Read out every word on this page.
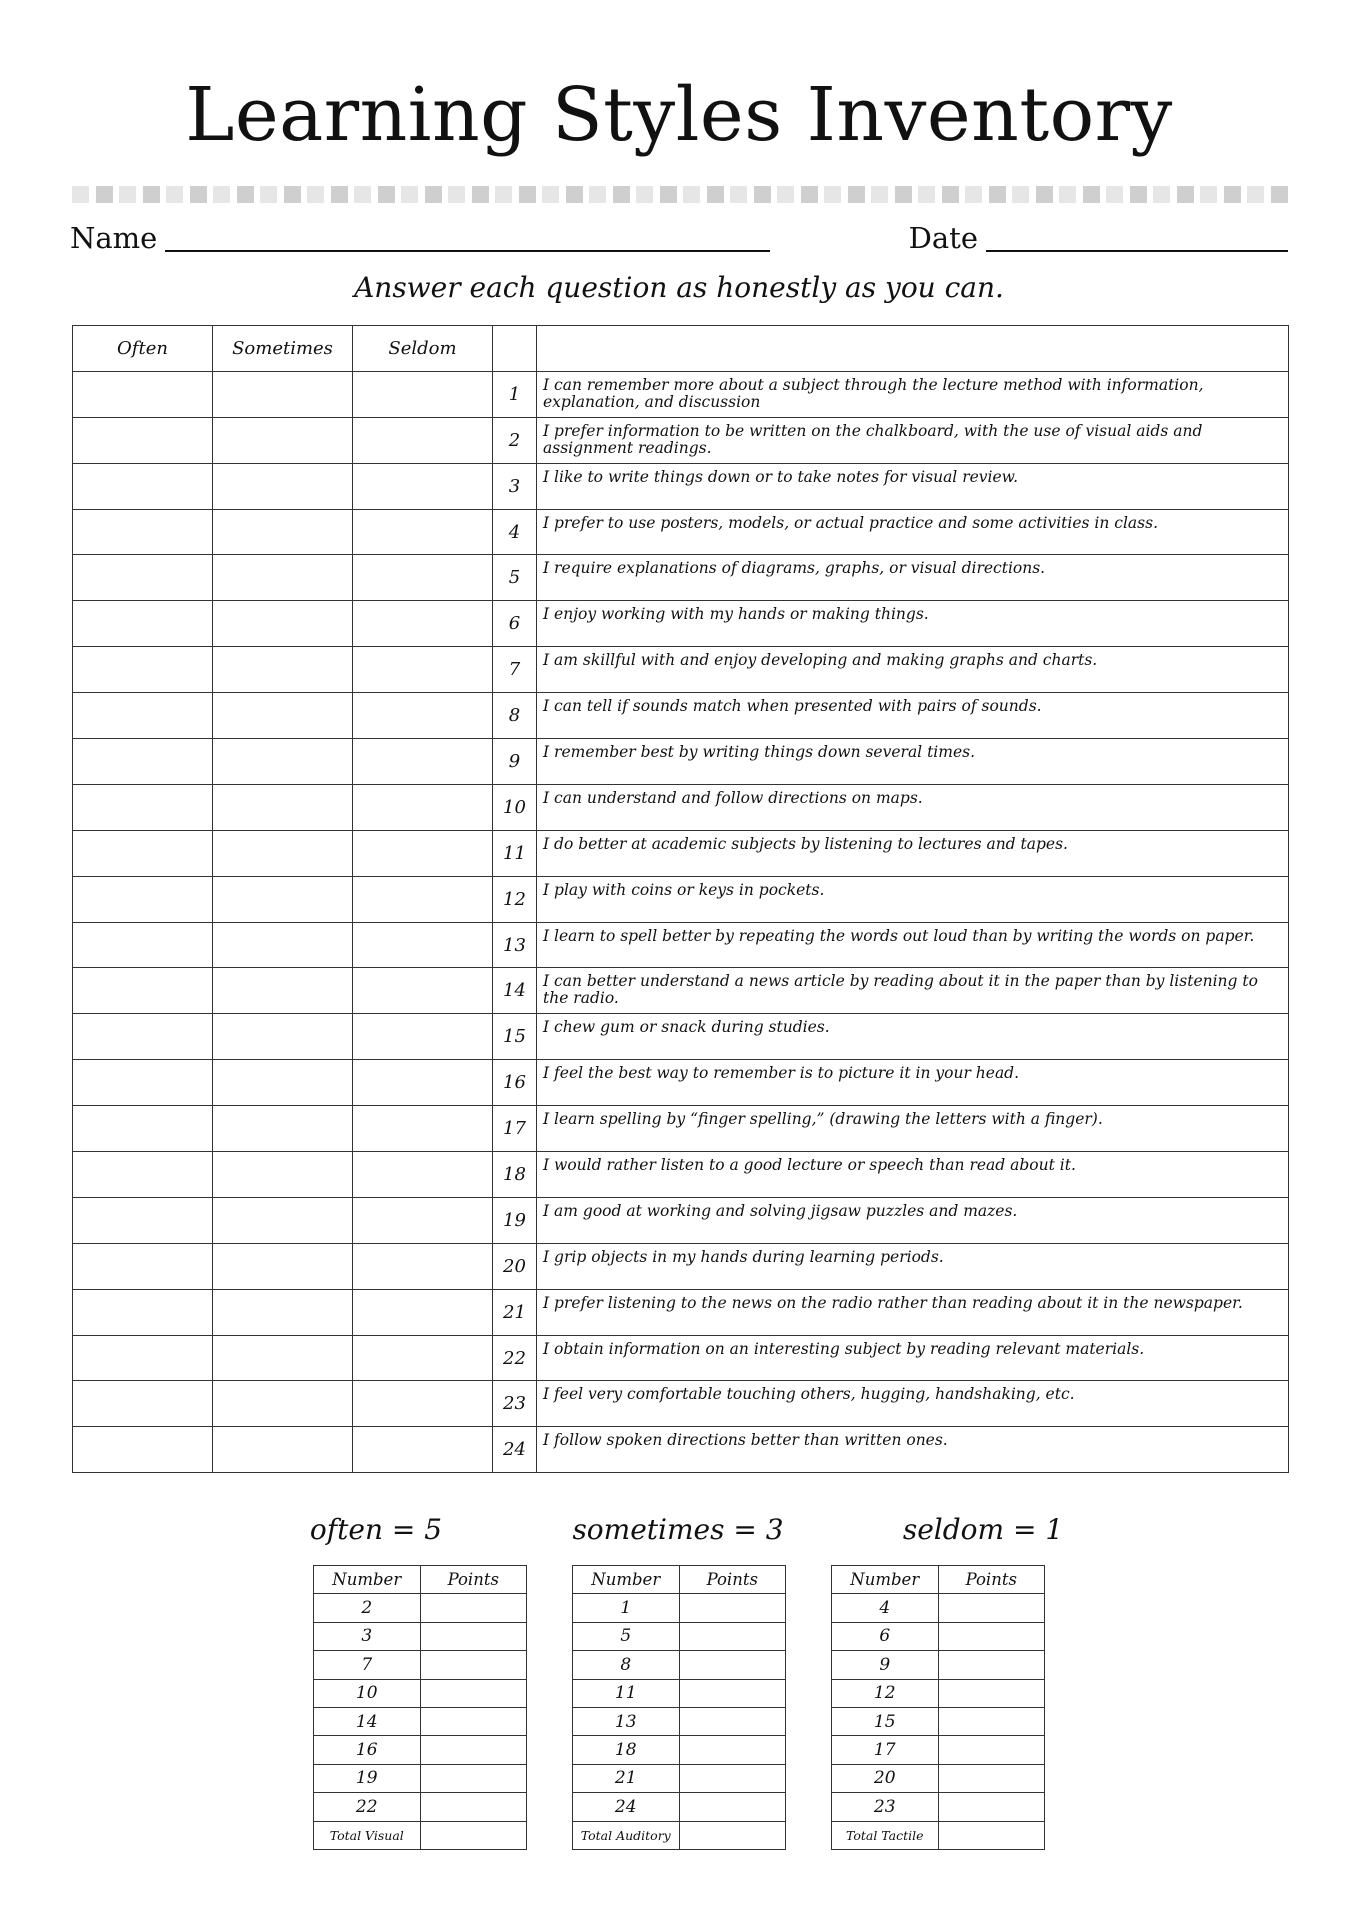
Learning Styles Inventory
Name	Date
Answer each question as honestly as you can.
Often	Sometimes	Seldom		
			1	I can remember more about a subject through the lecture method with information, explanation, and discussion
			2	I prefer information to be written on the chalkboard, with the use of visual aids and assignment readings.
			3	I like to write things down or to take notes for visual review.
			4	I prefer to use posters, models, or actual practice and some activities in class.
			5	I require explanations of diagrams, graphs, or visual directions.
			6	I enjoy working with my hands or making things.
			7	I am skillful with and enjoy developing and making graphs and charts.
			8	I can tell if sounds match when presented with pairs of sounds.
			9	I remember best by writing things down several times.
			10	I can understand and follow directions on maps.
			11	I do better at academic subjects by listening to lectures and tapes.
			12	I play with coins or keys in pockets.
			13	I learn to spell better by repeating the words out loud than by writing the words on paper.
			14	I can better understand a news article by reading about it in the paper than by listening to the radio.
			15	I chew gum or snack during studies.
			16	I feel the best way to remember is to picture it in your head.
			17	I learn spelling by “finger spelling,” (drawing the letters with a finger).
			18	I would rather listen to a good lecture or speech than read about it.
			19	I am good at working and solving jigsaw puzzles and mazes.
			20	I grip objects in my hands during learning periods.
			21	I prefer listening to the news on the radio rather than reading about it in the newspaper.
			22	I obtain information on an interesting subject by reading relevant materials.
			23	I feel very comfortable touching others, hugging, handshaking, etc.
			24	I follow spoken directions better than written ones.
often = 5	sometimes = 3	seldom = 1
Number	Points
2	
3	
7	
10	
14	
16	
19	
22	
Total Visual	
Number	Points
1	
5	
8	
11	
13	
18	
21	
24	
Total Auditory	
Number	Points
4	
6	
9	
12	
15	
17	
20	
23	
Total Tactile	
